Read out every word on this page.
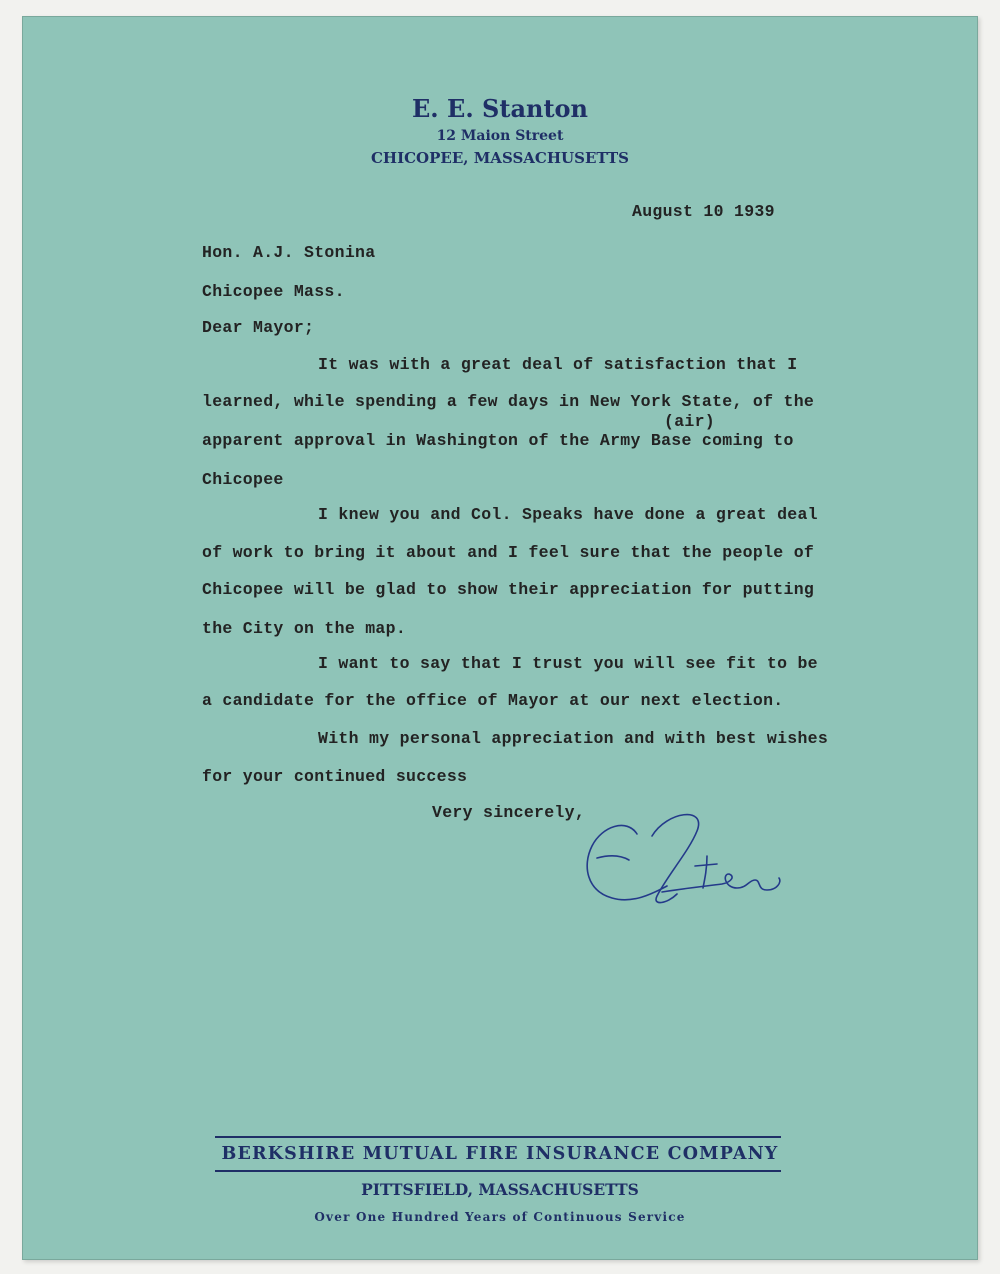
E. E. Stanton
12 Maion Street
CHICOPEE, MASSACHUSETTS
August 10 1939
Hon. A.J. Stonina
Chicopee Mass.
Dear Mayor;
It was with a great deal of satisfaction that I
learned, while spending a few days in New York State, of the
(air)
apparent approval in Washington of the Army Base coming to
Chicopee
I knew you and Col. Speaks have done a great deal
of work to bring it about and I feel sure that the people of
Chicopee will be glad to show their appreciation for putting
the City on the map.
I want to say that I trust you will see fit to be
a candidate for the office of Mayor at our next election.
With my personal appreciation and with best wishes
for your continued success
Very sincerely,
BERKSHIRE MUTUAL FIRE INSURANCE COMPANY
PITTSFIELD, MASSACHUSETTS
Over One Hundred Years of Continuous Service
